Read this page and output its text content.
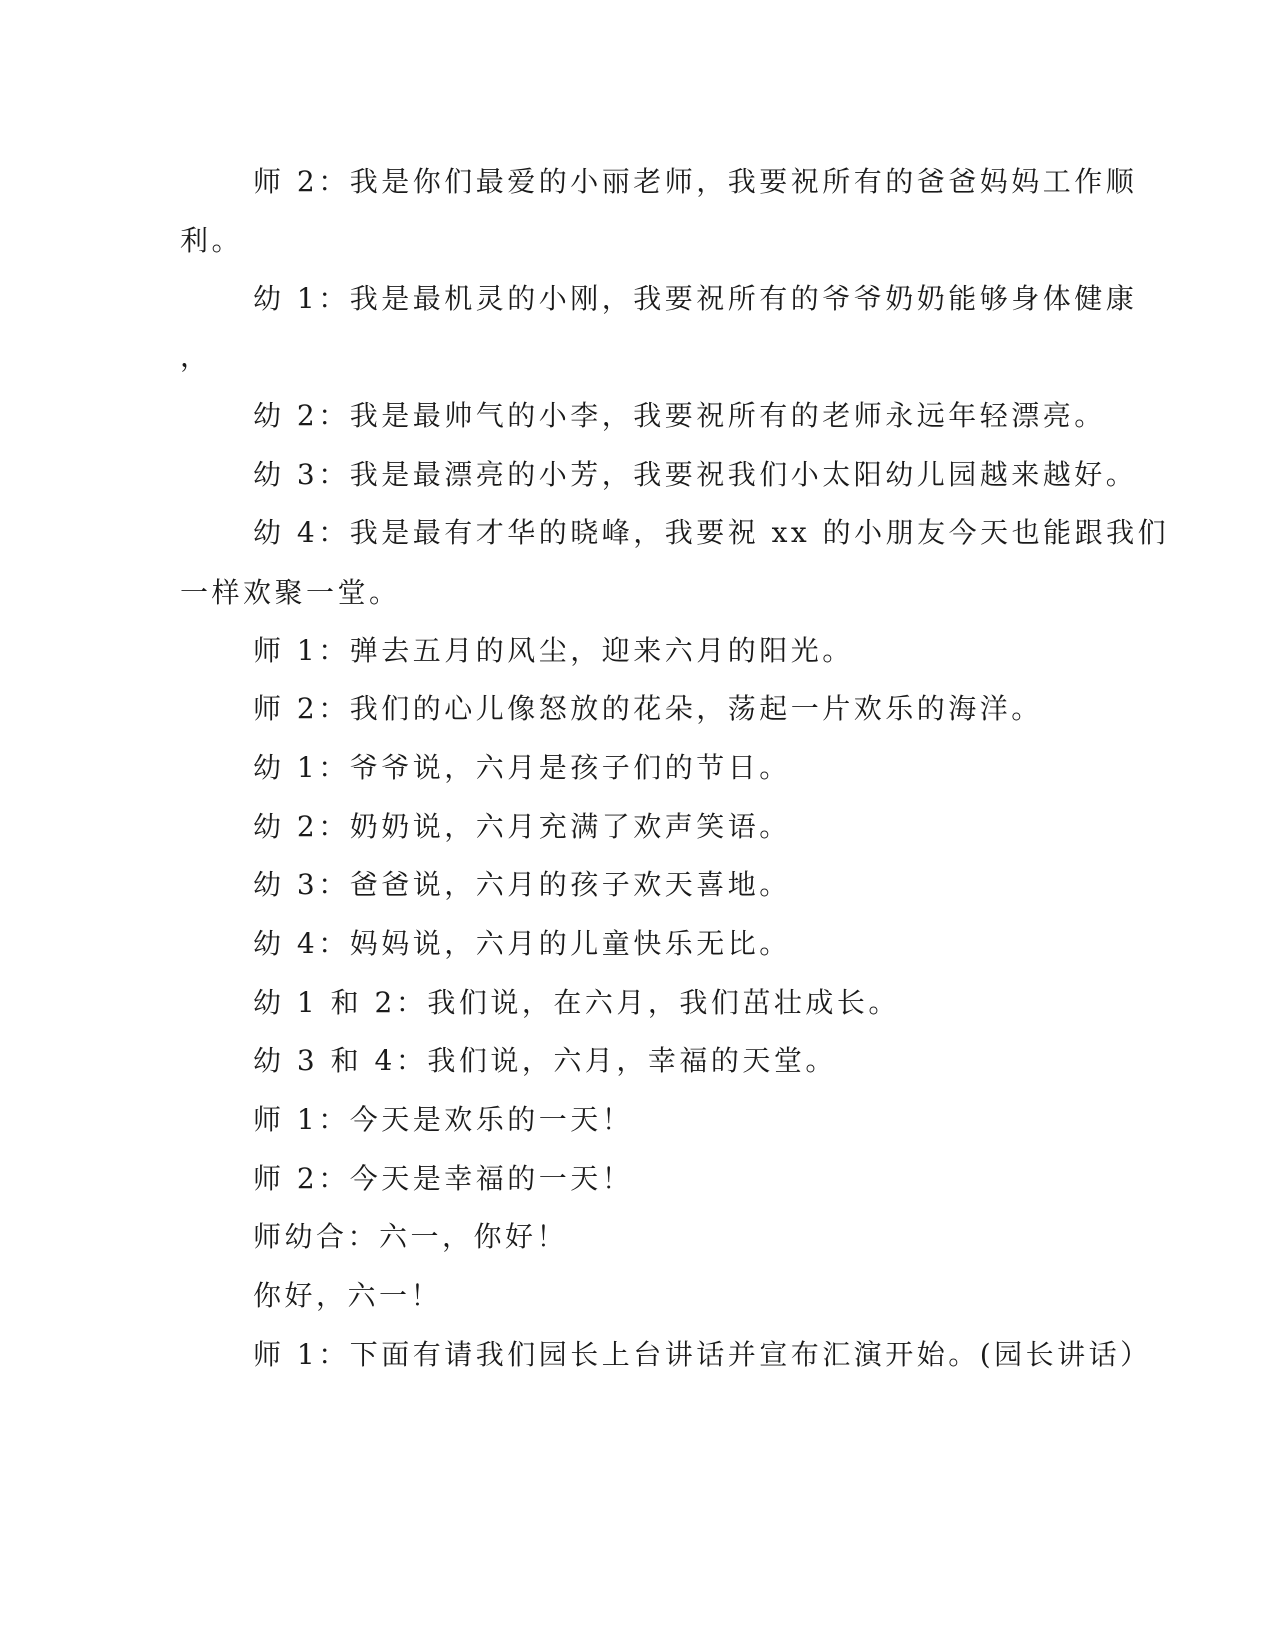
师 2：我是你们最爱的小丽老师，我要祝所有的爸爸妈妈工作顺

利。

幼 1：我是最机灵的小刚，我要祝所有的爷爷奶奶能够身体健康

，

幼 2：我是最帅气的小李，我要祝所有的老师永远年轻漂亮。

幼 3：我是最漂亮的小芳，我要祝我们小太阳幼儿园越来越好。

幼 4：我是最有才华的晓峰，我要祝 xx 的小朋友今天也能跟我们

一样欢聚一堂。

师 1：弹去五月的风尘，迎来六月的阳光。

师 2：我们的心儿像怒放的花朵，荡起一片欢乐的海洋。

幼 1：爷爷说，六月是孩子们的节日。

幼 2：奶奶说，六月充满了欢声笑语。

幼 3：爸爸说，六月的孩子欢天喜地。

幼 4：妈妈说，六月的儿童快乐无比。

幼 1 和 2：我们说，在六月，我们茁壮成长。

幼 3 和 4：我们说，六月，幸福的天堂。

师 1：今天是欢乐的一天！

师 2：今天是幸福的一天！

师幼合：六一，你好！

你好，六一！

师 1：下面有请我们园长上台讲话并宣布汇演开始。(园长讲话）
